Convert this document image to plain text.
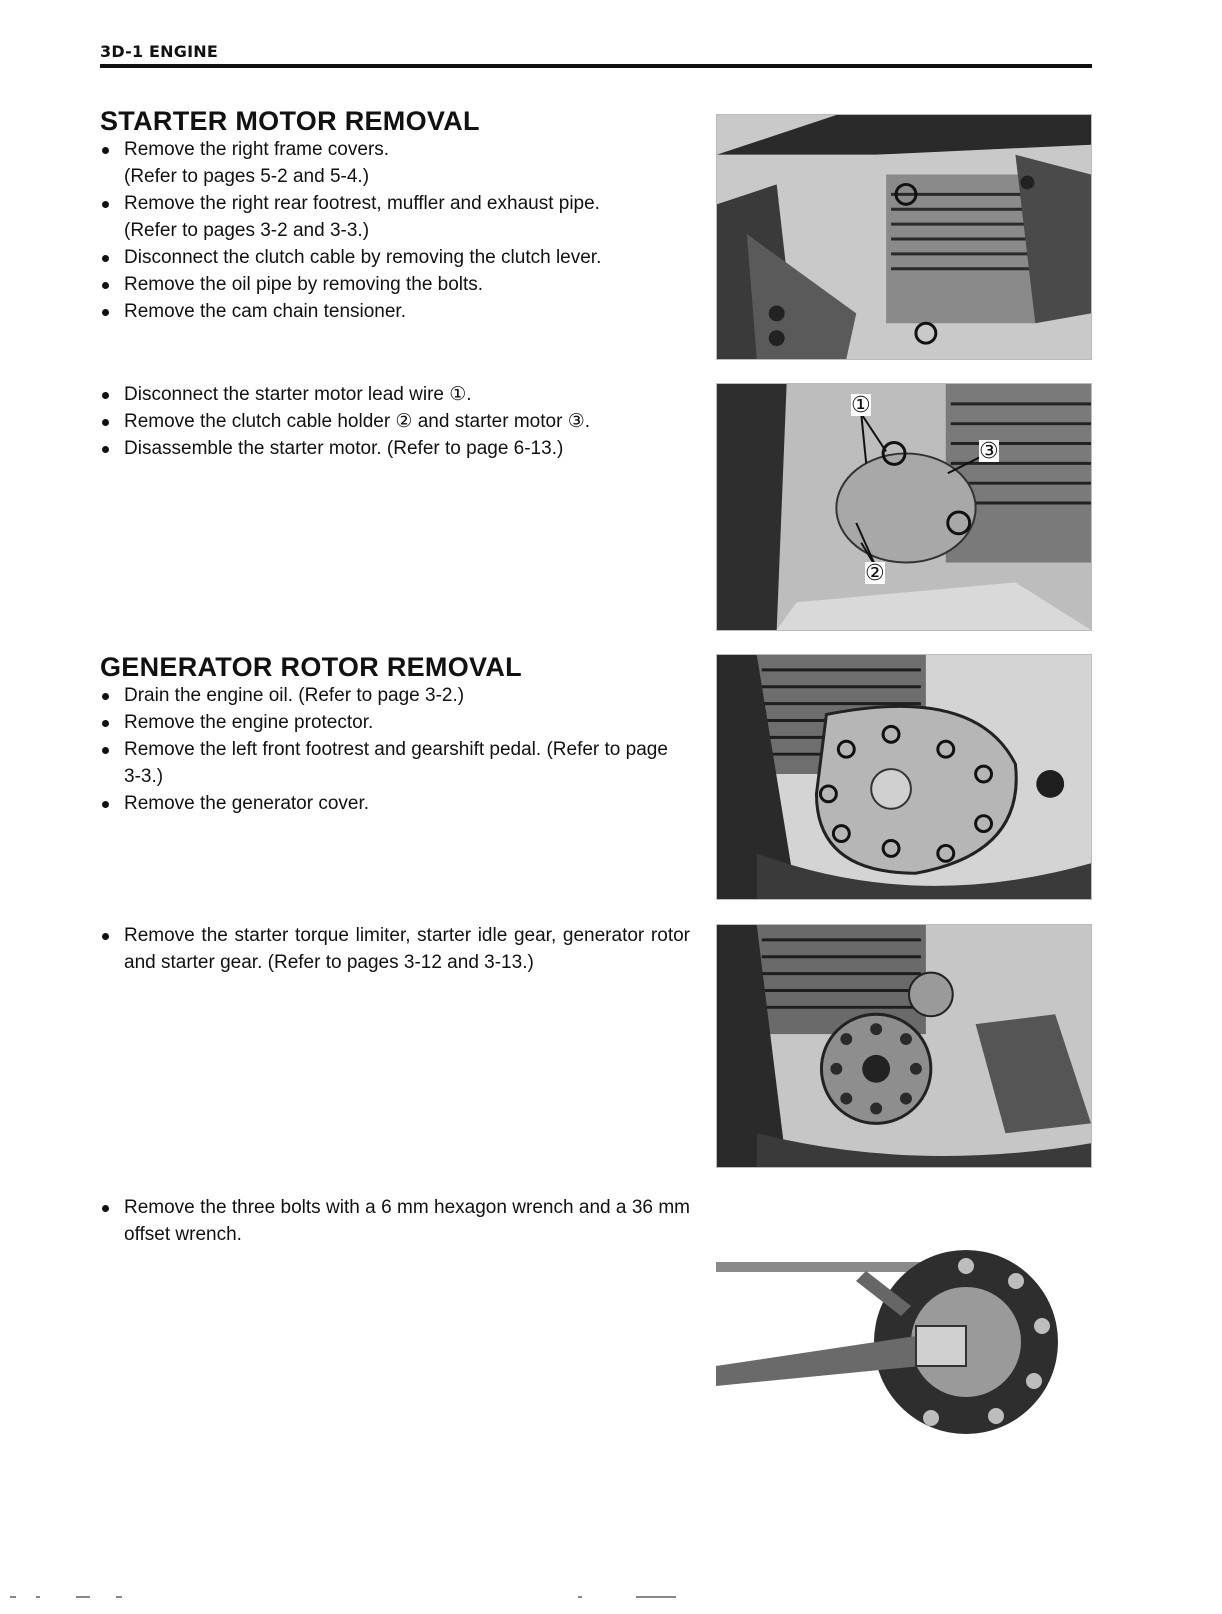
3D-1 ENGINE
STARTER MOTOR REMOVAL
Remove the right frame covers.
(Refer to pages 5-2 and 5-4.)
Remove the right rear footrest, muffler and exhaust pipe.
(Refer to pages 3-2 and 3-3.)
Disconnect the clutch cable by removing the clutch lever.
Remove the oil pipe by removing the bolts.
Remove the cam chain tensioner.
Disconnect the starter motor lead wire ①.
Remove the clutch cable holder ② and starter motor ③.
Disassemble the starter motor. (Refer to page 6-13.)
GENERATOR ROTOR REMOVAL
Drain the engine oil. (Refer to page 3-2.)
Remove the engine protector.
Remove the left front footrest and gearshift pedal. (Refer to page 3-3.)
Remove the generator cover.
Remove the starter torque limiter, starter idle gear, generator rotor and starter gear. (Refer to pages 3-12 and 3-13.)
Remove the three bolts with a 6 mm hexagon wrench and a 36 mm offset wrench.
①
②
③
